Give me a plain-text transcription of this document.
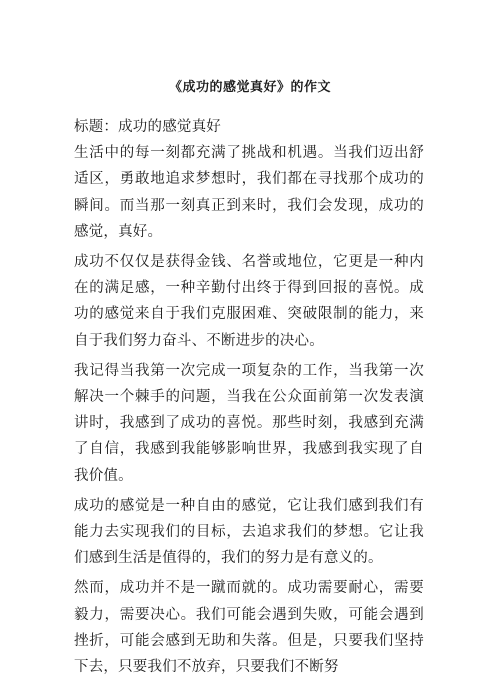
《成功的感觉真好》的作文

标题：成功的感觉真好

生活中的每一刻都充满了挑战和机遇。当我们迈出舒适区，勇敢地追求梦想时，我们都在寻找那个成功的瞬间。而当那一刻真正到来时，我们会发现，成功的感觉，真好。

成功不仅仅是获得金钱、名誉或地位，它更是一种内在的满足感，一种辛勤付出终于得到回报的喜悦。成功的感觉来自于我们克服困难、突破限制的能力，来自于我们努力奋斗、不断进步的决心。

我记得当我第一次完成一项复杂的工作，当我第一次解决一个棘手的问题，当我在公众面前第一次发表演讲时，我感到了成功的喜悦。那些时刻，我感到充满了自信，我感到我能够影响世界，我感到我实现了自我价值。

成功的感觉是一种自由的感觉，它让我们感到我们有能力去实现我们的目标，去追求我们的梦想。它让我们感到生活是值得的，我们的努力是有意义的。

然而，成功并不是一蹴而就的。成功需要耐心，需要毅力，需要决心。我们可能会遇到失败，可能会遇到挫折，可能会感到无助和失落。但是，只要我们坚持下去，只要我们不放弃，只要我们不断努
